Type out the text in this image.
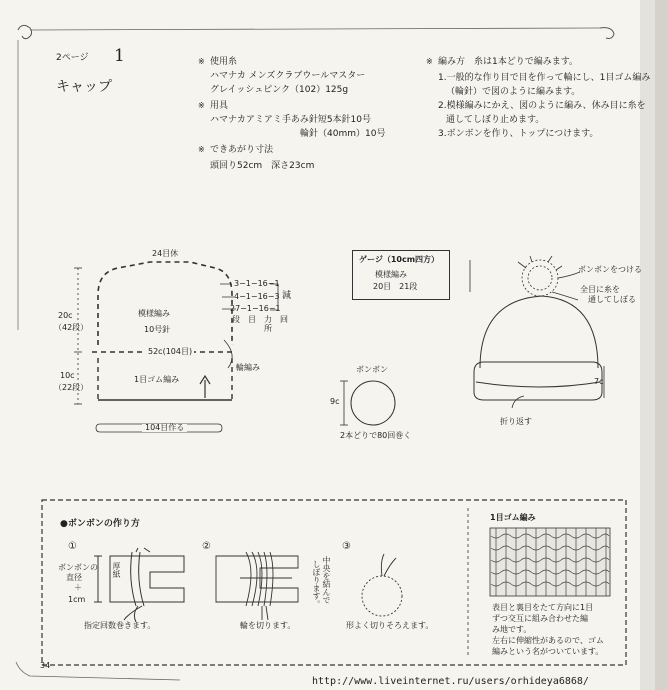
2ページ 1
キャップ
※ 使用糸
ハマナカ メンズクラブウールマスター
グレイッシュピンク（102）125g
※ 用具
ハマナカアミアミ手あみ針短5本針10号
輪針（40mm）10号
※ できあがり寸法
頭回り52cm　深さ23cm
※ 編み方　糸は1本どりで編みます。
1.一般的な作り目で目を作って輪にし、1目ゴム編み
（輪針）で図のように編みます。
2.模様編みにかえ、図のように編み、休み目に糸を
通してしぼり止めます。
3.ボンボンを作り、トップにつけます。
24目休
20c
（42段）
10c
（22段）
模様編み
10号針
52c(104目)
1目ゴム編み
104目作る
3−1−16−1
4−1−16−3
27−1−16−1
段　目　力　回
　　　　所
減
輪編み
ゲージ（10cm四方）
模様編み
20目　21段
ボンボン
9c
2本どりで80回巻く
ボンボンをつける
全目に糸を
通してしぼる
7c
折り返す
●ボンボンの作り方
①	②	③
ボンボンの
直径
＋
1cm
厚紙
指定回数巻きます。
中央を結んで
しぼります。
輪を切ります。	形よく切りそろえます。
1目ゴム編み
表目と裏目をたて方向に1目
ずつ交互に組み合わせた編
み地です。
左右に伸縮性があるので、ゴム
編みという名がついています。
34
http://www.liveinternet.ru/users/orhideya6868/
